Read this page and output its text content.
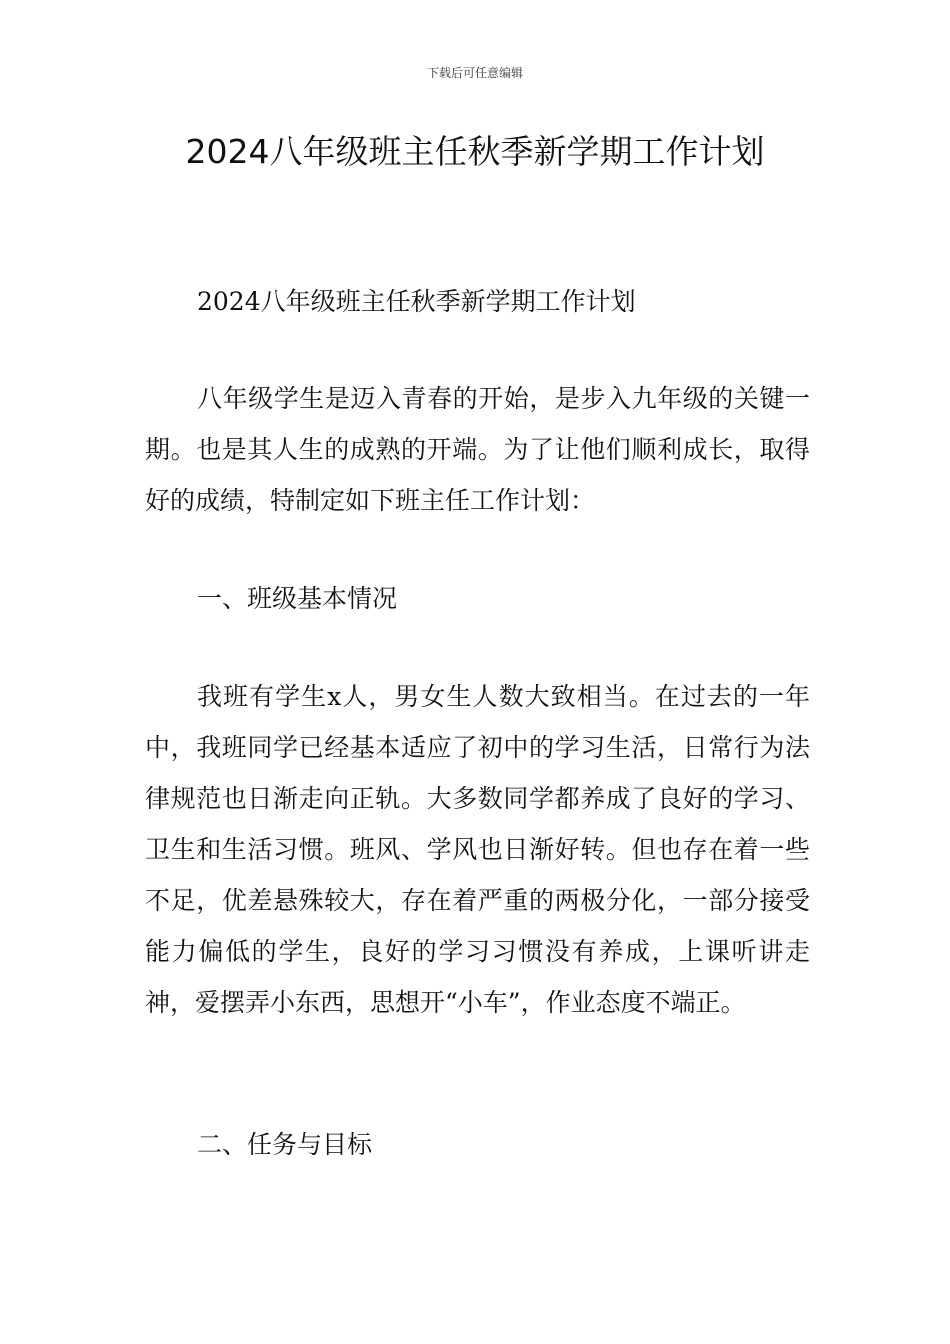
下载后可任意编辑
2024八年级班主任秋季新学期工作计划
2024八年级班主任秋季新学期工作计划

八年级学生是迈入青春的开始，是步入九年级的关键一期。也是其人生的成熟的开端。为了让他们顺利成长，取得好的成绩，特制定如下班主任工作计划：

一、班级基本情况

我班有学生x人，男女生人数大致相当。在过去的一年中，我班同学已经基本适应了初中的学习生活，日常行为法律规范也日渐走向正轨。大多数同学都养成了良好的学习、卫生和生活习惯。班风、学风也日渐好转。但也存在着一些不足，优差悬殊较大，存在着严重的两极分化，一部分接受能力偏低的学生，良好的学习习惯没有养成，上课听讲走神，爱摆弄小东西，思想开“小车”，作业态度不端正。

二、任务与目标
